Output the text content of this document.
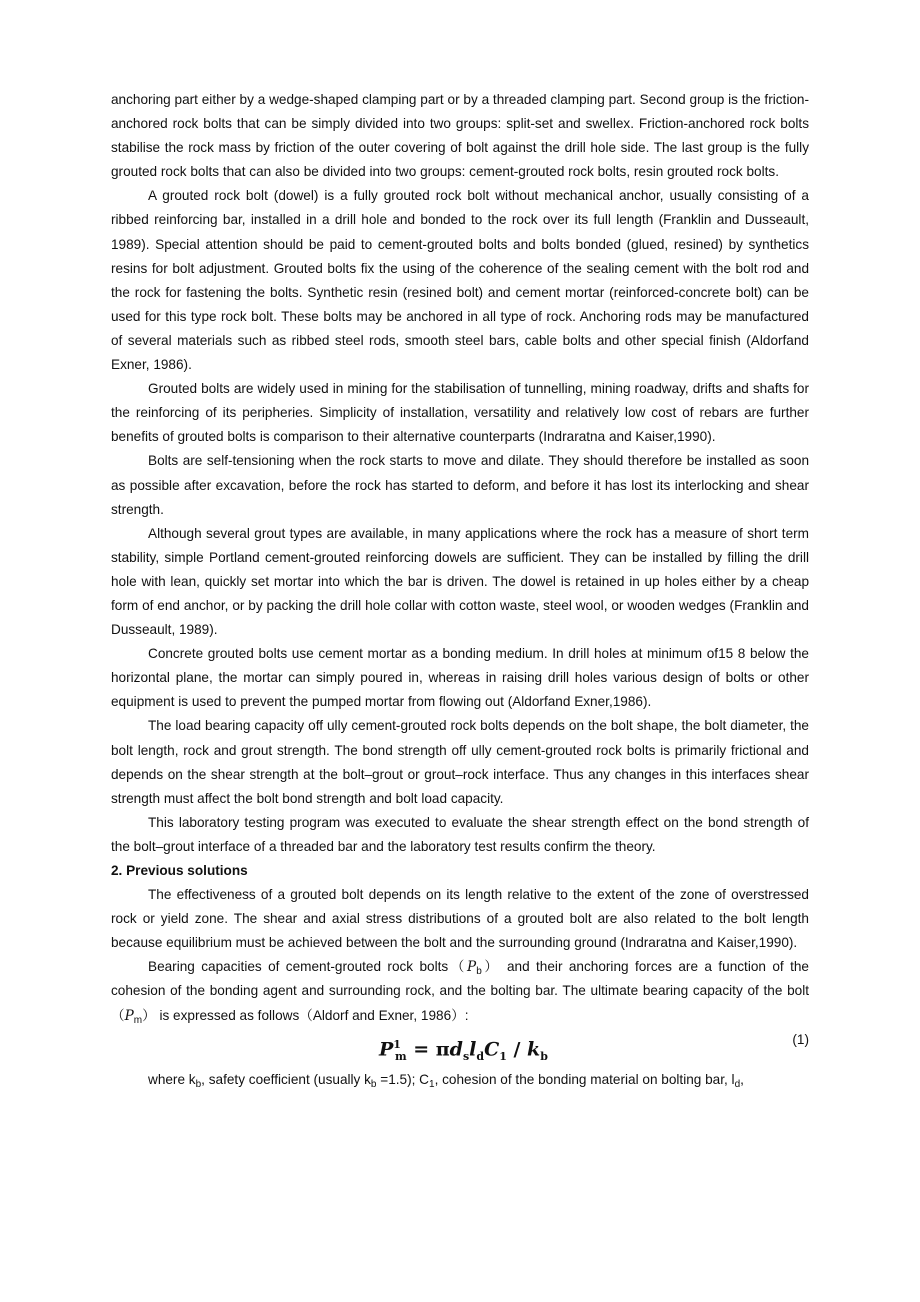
anchoring part either by a wedge-shaped clamping part or by a threaded clamping part. Second group is the friction-anchored rock bolts that can be simply divided into two groups: split-set and swellex. Friction-anchored rock bolts stabilise the rock mass by friction of the outer covering of bolt against the drill hole side. The last group is the fully grouted rock bolts that can also be divided into two groups: cement-grouted rock bolts, resin grouted rock bolts.

A grouted rock bolt (dowel) is a fully grouted rock bolt without mechanical anchor, usually consisting of a ribbed reinforcing bar, installed in a drill hole and bonded to the rock over its full length (Franklin and Dusseault, 1989). Special attention should be paid to cement-grouted bolts and bolts bonded (glued, resined) by synthetics resins for bolt adjustment. Grouted bolts fix the using of the coherence of the sealing cement with the bolt rod and the rock for fastening the bolts. Synthetic resin (resined bolt) and cement mortar (reinforced-concrete bolt) can be used for this type rock bolt. These bolts may be anchored in all type of rock. Anchoring rods may be manufactured of several materials such as ribbed steel rods, smooth steel bars, cable bolts and other special finish (Aldorfand Exner, 1986).

Grouted bolts are widely used in mining for the stabilisation of tunnelling, mining roadway, drifts and shafts for the reinforcing of its peripheries. Simplicity of installation, versatility and relatively low cost of rebars are further benefits of grouted bolts is comparison to their alternative counterparts (Indraratna and Kaiser,1990).

Bolts are self-tensioning when the rock starts to move and dilate. They should therefore be installed as soon as possible after excavation, before the rock has started to deform, and before it has lost its interlocking and shear strength.

Although several grout types are available, in many applications where the rock has a measure of short term stability, simple Portland cement-grouted reinforcing dowels are sufficient. They can be installed by filling the drill hole with lean, quickly set mortar into which the bar is driven. The dowel is retained in up holes either by a cheap form of end anchor, or by packing the drill hole collar with cotton waste, steel wool, or wooden wedges (Franklin and Dusseault, 1989).

Concrete grouted bolts use cement mortar as a bonding medium. In drill holes at minimum of15 8 below the horizontal plane, the mortar can simply poured in, whereas in raising drill holes various design of bolts or other equipment is used to prevent the pumped mortar from flowing out (Aldorfand Exner,1986).

The load bearing capacity off ully cement-grouted rock bolts depends on the bolt shape, the bolt diameter, the bolt length, rock and grout strength. The bond strength off ully cement-grouted rock bolts is primarily frictional and depends on the shear strength at the bolt–grout or grout–rock interface. Thus any changes in this interfaces shear strength must affect the bolt bond strength and bolt load capacity.

This laboratory testing program was executed to evaluate the shear strength effect on the bond strength of the bolt–grout interface of a threaded bar and the laboratory test results confirm the theory.

2. Previous solutions

The effectiveness of a grouted bolt depends on its length relative to the extent of the zone of overstressed rock or yield zone. The shear and axial stress distributions of a grouted bolt are also related to the bolt length because equilibrium must be achieved between the bolt and the surrounding ground (Indraratna and Kaiser,1990).

Bearing capacities of cement-grouted rock $bolts(P_b)$ and their anchoring forces are a function of the cohesion of the bonding agent and surrounding rock, and the bolting bar. The ultimate bearing capacity of the bolt $(P_m)$ is expressed as follows（Aldorf and Exner, 1986）:

$P^1_m = \pi d_sl_dC_1 / k_b$
(1)

where $k_b$, safety coefficient (usually $k_b =1.5$); $C_1$, cohesion of the bonding material on bolting bar, $l_d$,
